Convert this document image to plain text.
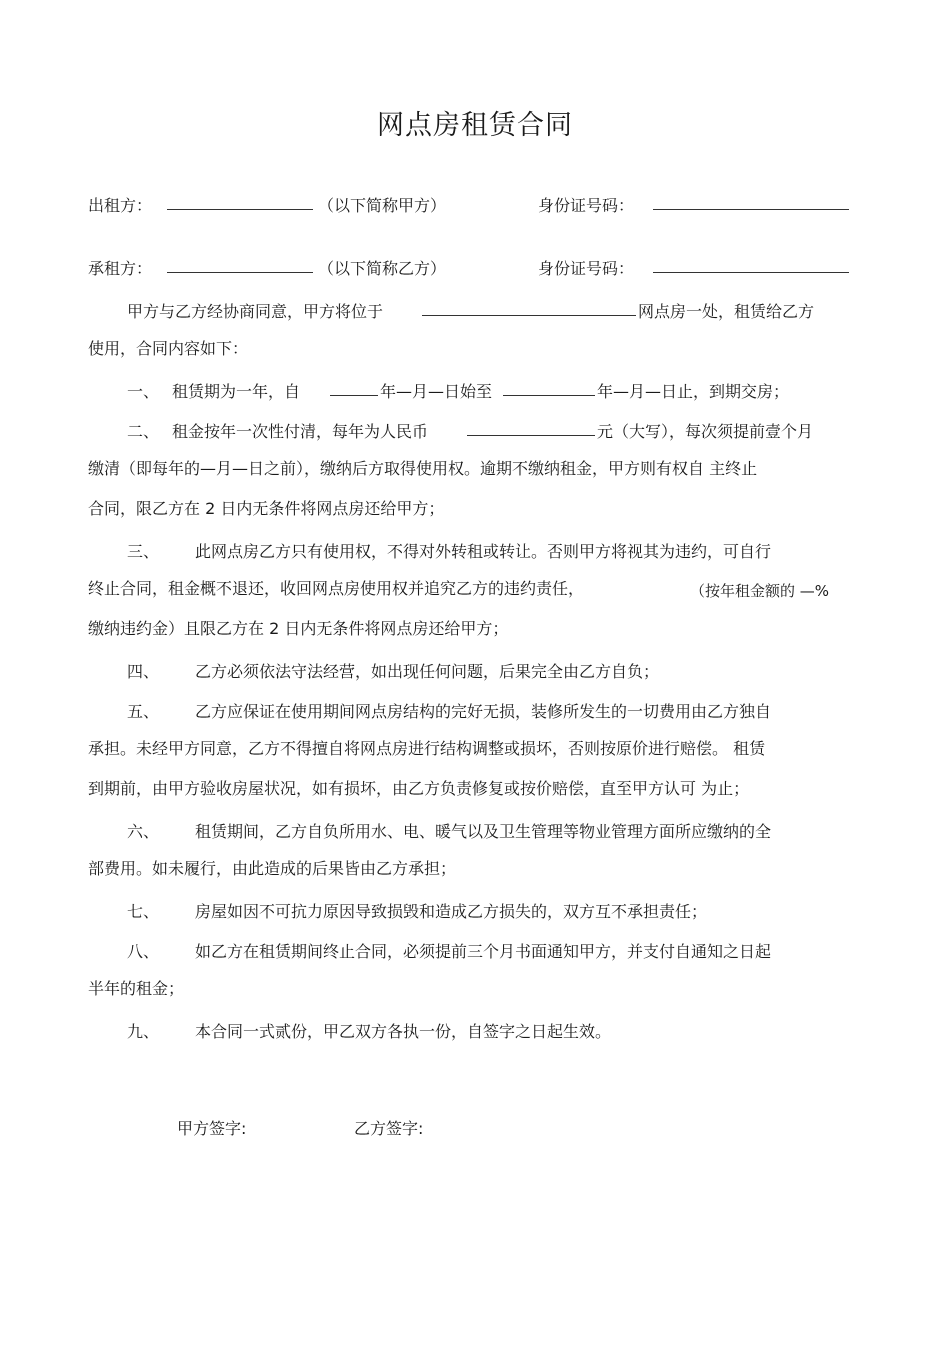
网点房租赁合同
出租方：	（以下简称甲方）	身份证号码：
承租方：	（以下简称乙方）	身份证号码：
甲方与乙方经协商同意，甲方将位于	网点房一处，租赁给乙方
使用，合同内容如下：
一、 租赁期为一年，自	年—月—日始至	年—月—日止，到期交房；
二、 租金按年一次性付清，每年为人民币	元（大写），每次须提前壹个月
缴清（即每年的—月—日之前），缴纳后方取得使用权。逾期不缴纳租金，甲方则有权自 主终止
合同，限乙方在 2 日内无条件将网点房还给甲方；
三、 此网点房乙方只有使用权，不得对外转租或转让。否则甲方将视其为违约，可自行
终止合同，租金概不退还，收回网点房使用权并追究乙方的违约责任，	（按年租金额的 —%
缴纳违约金）且限乙方在 2 日内无条件将网点房还给甲方；
四、 乙方必须依法守法经营，如出现任何问题，后果完全由乙方自负；
五、 乙方应保证在使用期间网点房结构的完好无损，装修所发生的一切费用由乙方独自
承担。未经甲方同意，乙方不得擅自将网点房进行结构调整或损坏，否则按原价进行赔偿。 租赁
到期前，由甲方验收房屋状况，如有损坏，由乙方负责修复或按价赔偿，直至甲方认可 为止；
六、 租赁期间，乙方自负所用水、电、暖气以及卫生管理等物业管理方面所应缴纳的全
部费用。如未履行，由此造成的后果皆由乙方承担；
七、 房屋如因不可抗力原因导致损毁和造成乙方损失的，双方互不承担责任；
八、 如乙方在租赁期间终止合同，必须提前三个月书面通知甲方，并支付自通知之日起
半年的租金；
九、 本合同一式贰份，甲乙双方各执一份，自签字之日起生效。
甲方签字:	乙方签字:
